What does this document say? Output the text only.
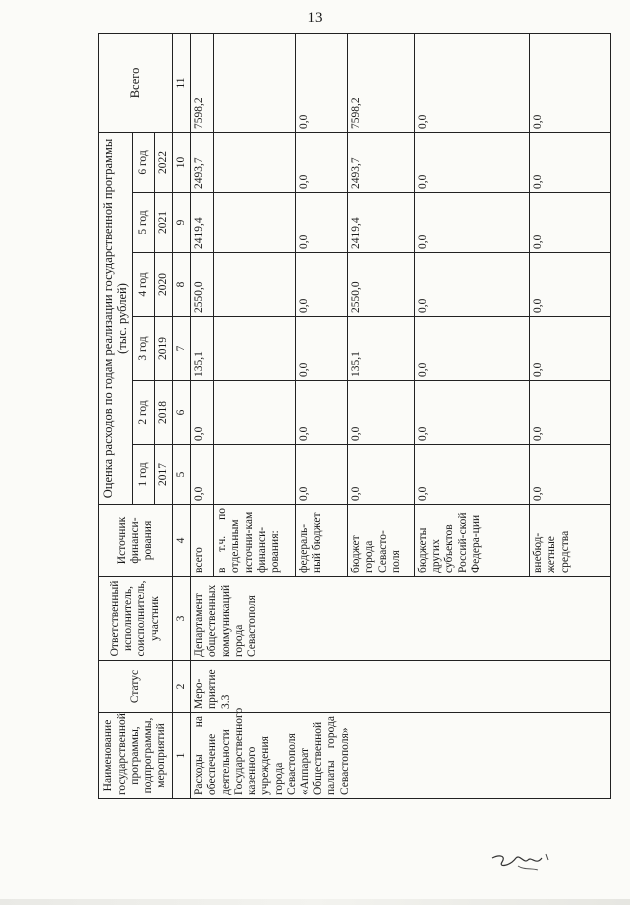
13
Наименование государственной программы, подпрограммы, мероприятий	Статус	Ответственный исполнитель, соисполнитель, участник	Источник финанси-рования	Оценка расходов по годам реализации государственной программы (тыс. рублей)						Всего
				1 год	2 год	3 год	4 год	5 год	6 год	
				2017	2018	2019	2020	2021	2022	
1	2	3	4	5	6	7	8	9	10	11
Расходы на обеспечение деятельности Государственного казенного учреждения города Севастополя «Аппарат Общественной палаты города Севастополя»	Меро-приятие 3.3	Департамент общественных коммуникаций города Севастополя	всего	0,0	0,0	135,1	2550,0	2419,4	2493,7	7598,2
			в т.ч. по отдельным источни-кам финанси-рования:							
			федераль-ный бюджет	0,0	0,0	0,0	0,0	0,0	0,0	0,0
			бюджет города Севасто-поля	0,0	0,0	135,1	2550,0	2419,4	2493,7	7598,2
			бюджеты других субъектов Россий-ской Федера-ции	0,0	0,0	0,0	0,0	0,0	0,0	0,0
			внебюд-жетные средства	0,0	0,0	0,0	0,0	0,0	0,0	0,0
